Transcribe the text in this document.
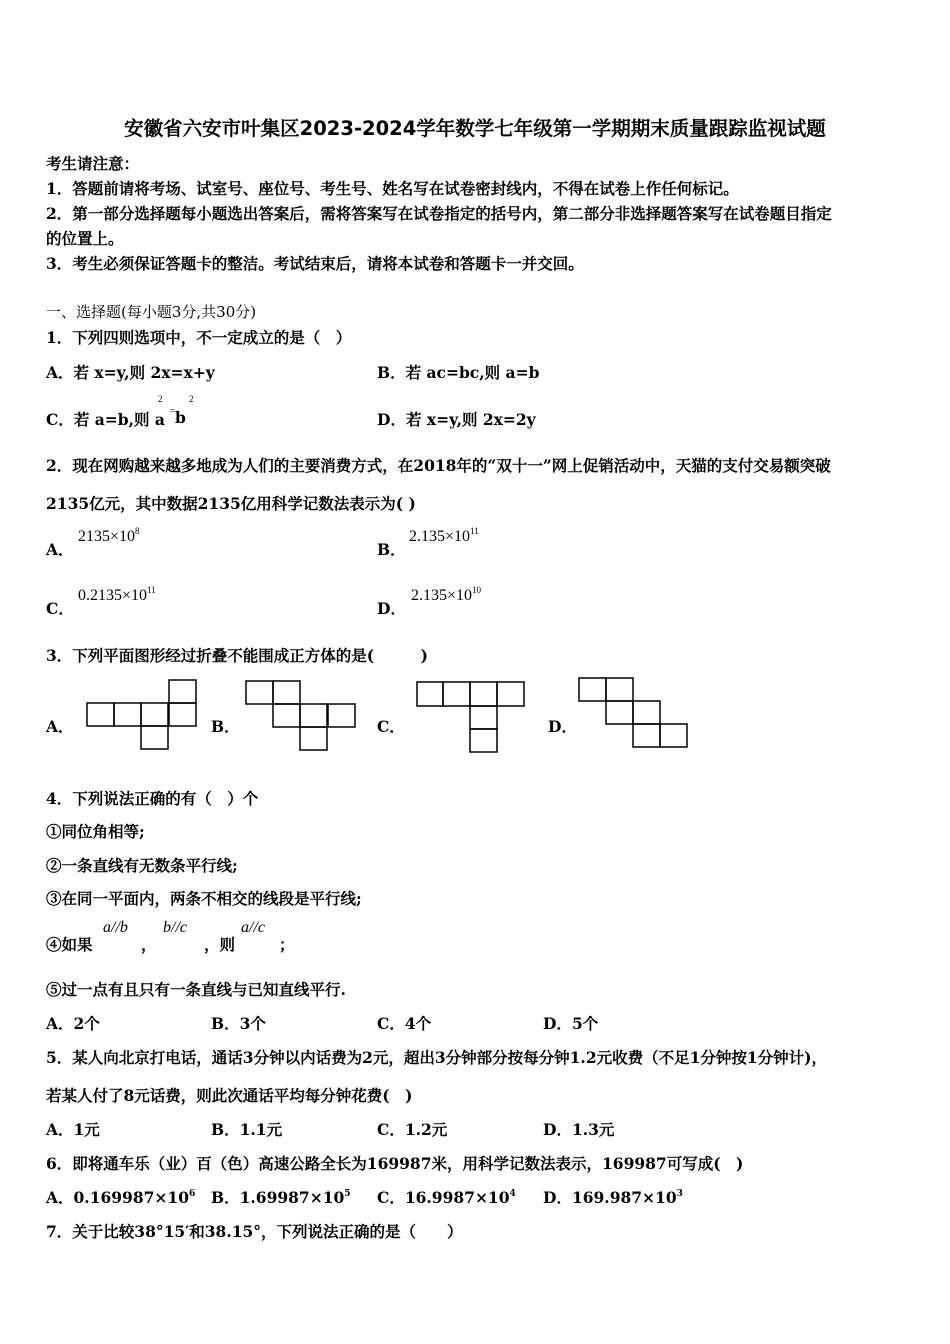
安徽省六安市叶集区2023-2024学年数学七年级第一学期期末质量跟踪监视试题
考生请注意：
1．答题前请将考场、试室号、座位号、考生号、姓名写在试卷密封线内，不得在试卷上作任何标记。
2．第一部分选择题每小题选出答案后，需将答案写在试卷指定的括号内，第二部分非选择题答案写在试卷题目指定
的位置上。
3．考生必须保证答题卡的整洁。考试结束后，请将本试卷和答题卡一并交回。
一、选择题(每小题3分,共30分)
1．下列四则选项中，不一定成立的是（　）
A．若 x=y,则 2x=x+y	B．若 ac=bc,则 a=b
C．若 a=b,则 a
2
= b
2
D．若 x=y,则 2x=2y
2．现在网购越来越多地成为人们的主要消费方式，在2018年的“双十一”网上促销活动中，天猫的支付交易额突破
2135亿元，其中数据2135亿用科学记数法表示为( )
A．
$2135\times 10^8$
B．
$2.135\times 10^{11}$
C．
$0.2135\times 10^{11}$
D．
$2.135\times 10^{10}$
3．下列平面图形经过折叠不能围成正方体的是(　　　)
A．	B．	C．	D．
4．下列说法正确的有（　）个
①同位角相等;
②一条直线有无数条平行线;
③在同一平面内，两条不相交的线段是平行线;
④如果
a//b
，
b//c
，则
a//c
；
⑤过一点有且只有一条直线与已知直线平行.
A．2个	B．3个	C．4个	D．5个
5．某人向北京打电话，通话3分钟以内话费为2元，超出3分钟部分按每分钟1.2元收费（不足1分钟按1分钟计)，
若某人付了8元话费，则此次通话平均每分钟花费(　)
A．1元	B．1.1元	C．1.2元	D．1.3元
6．即将通车乐（业）百（色）高速公路全长为169987米，用科学记数法表示，169987可写成(　)
A．$0.169987\times 10^6$ B．$1.69987\times 10^5$ C．$16.9987\times 10^4$ D．$169.987\times 10^3$
7．关于比较38°15′和38.15°，下列说法正确的是（　　）
